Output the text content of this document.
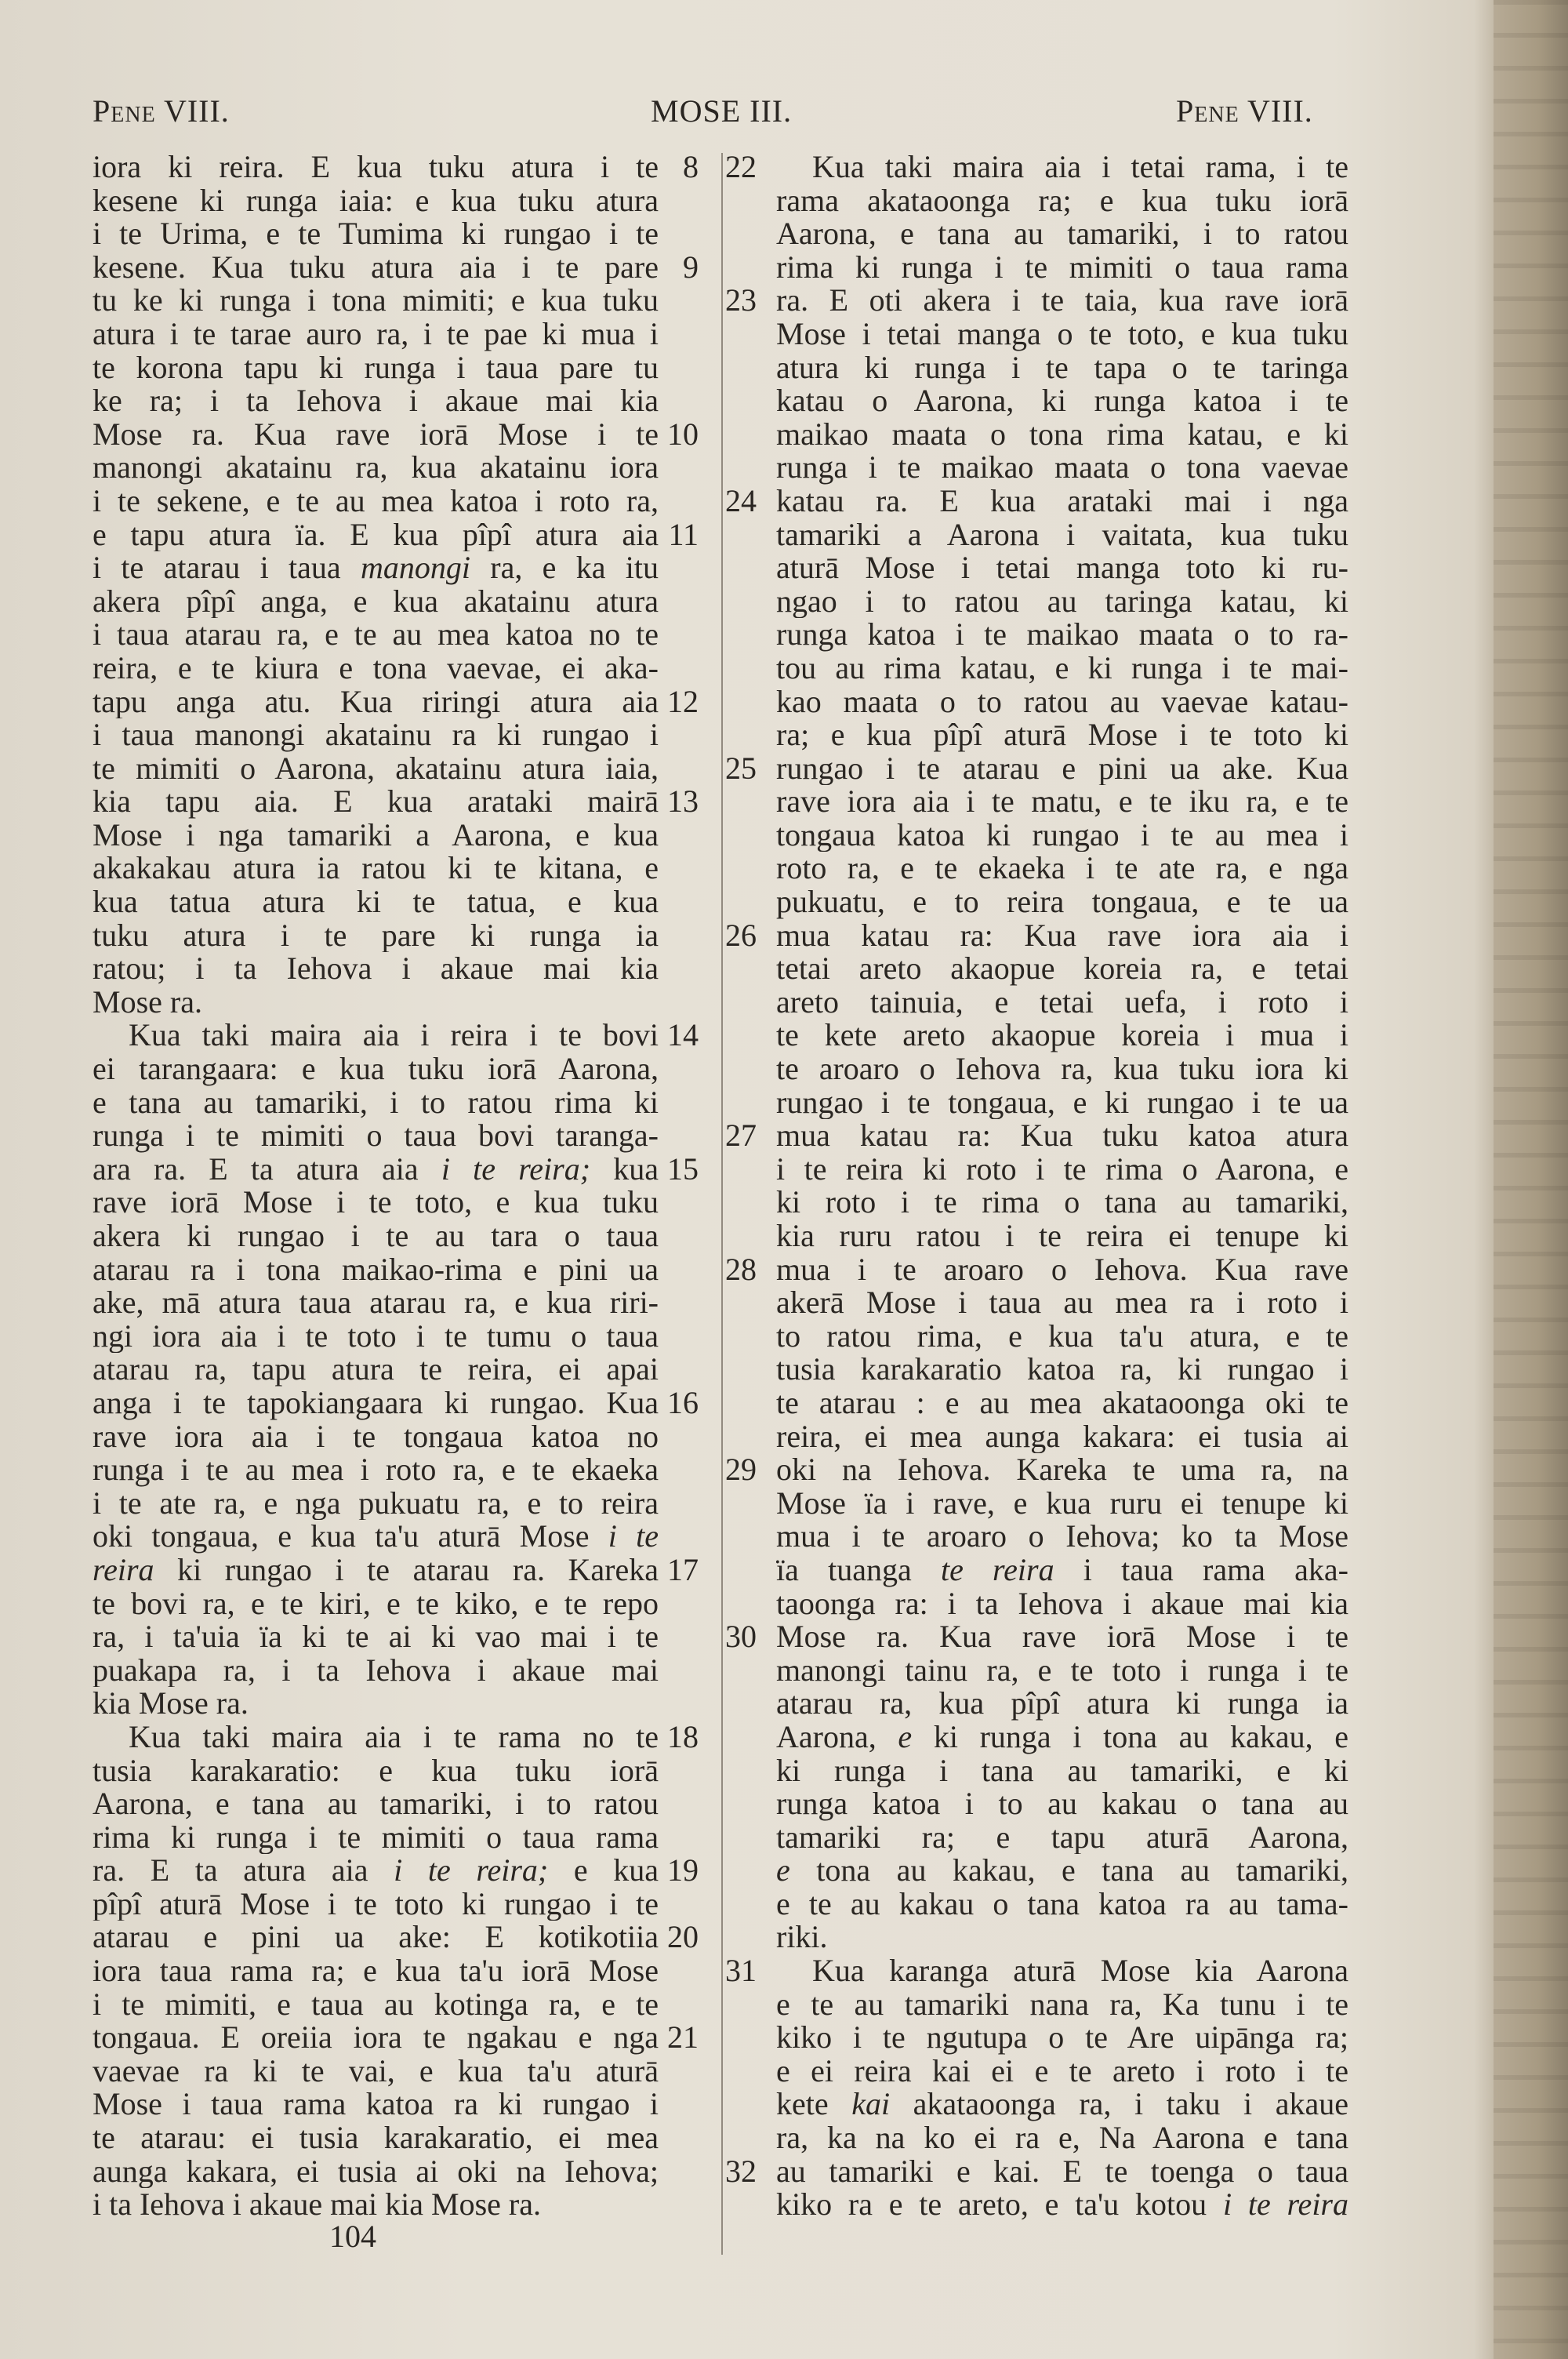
Pene VIII.	MOSE III.	Pene VIII.
8
iora ki reira. E kua tuku atura i te
kesene ki runga iaia: e kua tuku atura
i te Urima, e te Tumima ki rungao i te
9
kesene. Kua tuku atura aia i te pare
tu ke ki runga i tona mimiti; e kua tuku
atura i te tarae auro ra, i te pae ki mua i
te korona tapu ki runga i taua pare tu
ke ra; i ta Iehova i akaue mai kia
10
Mose ra. Kua rave iorā Mose i te
manongi akatainu ra, kua akatainu iora
i te sekene, e te au mea katoa i roto ra,
11
e tapu atura ïa. E kua pîpî atura aia
i te atarau i taua manongi ra, e ka itu
akera pîpî anga, e kua akatainu atura
i taua atarau ra, e te au mea katoa no te
reira, e te kiura e tona vaevae, ei aka-
12
tapu anga atu. Kua riringi atura aia
i taua manongi akatainu ra ki rungao i
te mimiti o Aarona, akatainu atura iaia,
13
kia tapu aia. E kua arataki mairā
Mose i nga tamariki a Aarona, e kua
akakakau atura ia ratou ki te kitana, e
kua tatua atura ki te tatua, e kua
tuku atura i te pare ki runga ia
ratou; i ta Iehova i akaue mai kia
Mose ra.
14
Kua taki maira aia i reira i te bovi
ei tarangaara: e kua tuku iorā Aarona,
e tana au tamariki, i to ratou rima ki
runga i te mimiti o taua bovi taranga-
15
ara ra. E ta atura aia i te reira; kua
rave iorā Mose i te toto, e kua tuku
akera ki rungao i te au tara o taua
atarau ra i tona maikao-rima e pini ua
ake, mā atura taua atarau ra, e kua riri-
ngi iora aia i te toto i te tumu o taua
atarau ra, tapu atura te reira, ei apai
16
anga i te tapokiangaara ki rungao. Kua
rave iora aia i te tongaua katoa no
runga i te au mea i roto ra, e te ekaeka
i te ate ra, e nga pukuatu ra, e to reira
oki tongaua, e kua ta'u aturā Mose i te
17
reira ki rungao i te atarau ra. Kareka
te bovi ra, e te kiri, e te kiko, e te repo
ra, i ta'uia ïa ki te ai ki vao mai i te
puakapa ra, i ta Iehova i akaue mai
kia Mose ra.
18
Kua taki maira aia i te rama no te
tusia karakaratio: e kua tuku iorā
Aarona, e tana au tamariki, i to ratou
rima ki runga i te mimiti o taua rama
19
ra. E ta atura aia i te reira; e kua
pîpî aturā Mose i te toto ki rungao i te
20
atarau e pini ua ake: E kotikotiia
iora taua rama ra; e kua ta'u iorā Mose
i te mimiti, e taua au kotinga ra, e te
21
tongaua. E oreiia iora te ngakau e nga
vaevae ra ki te vai, e kua ta'u aturā
Mose i taua rama katoa ra ki rungao i
te atarau: ei tusia karakaratio, ei mea
aunga kakara, ei tusia ai oki na Iehova;
i ta Iehova i akaue mai kia Mose ra.
22	Kua taki maira aia i tetai rama, i te
rama akataoonga ra; e kua tuku iorā
Aarona, e tana au tamariki, i to ratou
rima ki runga i te mimiti o taua rama
23 ra. E oti akera i te taia, kua rave iorā
Mose i tetai manga o te toto, e kua tuku
atura ki runga i te tapa o te taringa
katau o Aarona, ki runga katoa i te
maikao maata o tona rima katau, e ki
runga i te maikao maata o tona vaevae
24 katau ra. E kua arataki mai i nga
tamariki a Aarona i vaitata, kua tuku
aturā Mose i tetai manga toto ki ru-
ngao i to ratou au taringa katau, ki
runga katoa i te maikao maata o to ra-
tou au rima katau, e ki runga i te mai-
kao maata o to ratou au vaevae katau-
ra; e kua pîpî aturā Mose i te toto ki
25 rungao i te atarau e pini ua ake. Kua
rave iora aia i te matu, e te iku ra, e te
tongaua katoa ki rungao i te au mea i
roto ra, e te ekaeka i te ate ra, e nga
pukuatu, e to reira tongaua, e te ua
26 mua katau ra: Kua rave iora aia i
tetai areto akaopue koreia ra, e tetai
areto tainuia, e tetai uefa, i roto i
te kete areto akaopue koreia i mua i
te aroaro o Iehova ra, kua tuku iora ki
rungao i te tongaua, e ki rungao i te ua
27 mua katau ra: Kua tuku katoa atura
i te reira ki roto i te rima o Aarona, e
ki roto i te rima o tana au tamariki,
kia ruru ratou i te reira ei tenupe ki
28 mua i te aroaro o Iehova. Kua rave
akerā Mose i taua au mea ra i roto i
to ratou rima, e kua ta'u atura, e te
tusia karakaratio katoa ra, ki rungao i
te atarau : e au mea akataoonga oki te
reira, ei mea aunga kakara: ei tusia ai
29 oki na Iehova. Kareka te uma ra, na
Mose ïa i rave, e kua ruru ei tenupe ki
mua i te aroaro o Iehova; ko ta Mose
ïa tuanga te reira i taua rama aka-
taoonga ra: i ta Iehova i akaue mai kia
30 Mose ra. Kua rave iorā Mose i te
manongi tainu ra, e te toto i runga i te
atarau ra, kua pîpî atura ki runga ia
Aarona, e ki runga i tona au kakau, e
ki runga i tana au tamariki, e ki
runga katoa i to au kakau o tana au
tamariki ra; e tapu aturā Aarona,
e tona au kakau, e tana au tamariki,
e te au kakau o tana katoa ra au tama-
riki.
31	Kua karanga aturā Mose kia Aarona
e te au tamariki nana ra, Ka tunu i te
kiko i te ngutupa o te Are uipānga ra;
e ei reira kai ei e te areto i roto i te
kete kai akataoonga ra, i taku i akaue
ra, ka na ko ei ra e, Na Aarona e tana
32 au tamariki e kai. E te toenga o taua
kiko ra e te areto, e ta'u kotou i te reira
104
